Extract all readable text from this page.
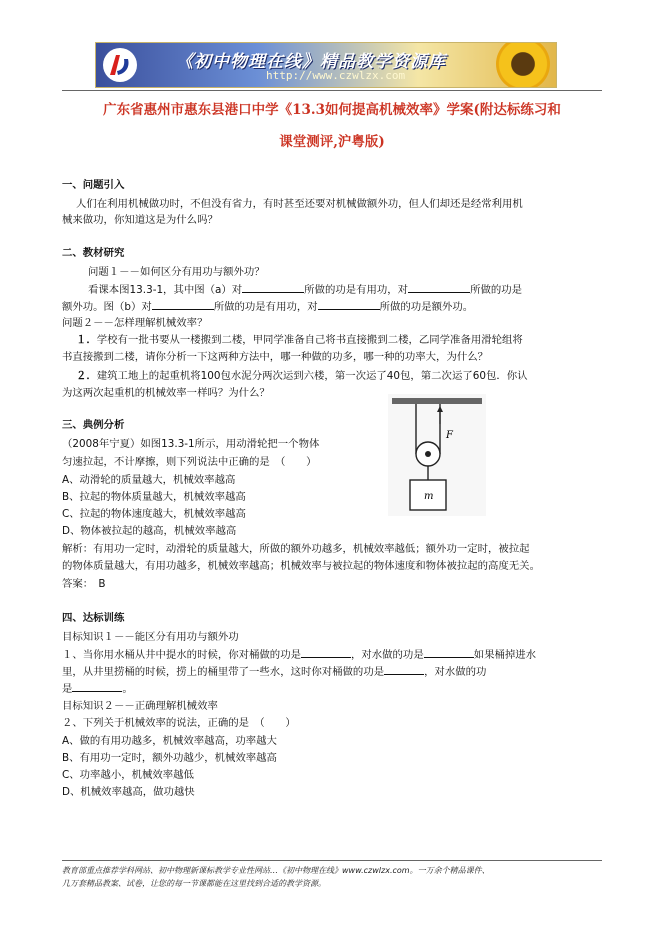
《初中物理在线》精品教学资源库
http://www.czwlzx.com
广东省惠州市惠东县港口中学《13.3如何提高机械效率》学案(附达标练习和
课堂测评,沪粤版)
一、问题引入
人们在利用机械做功时，不但没有省力，有时甚至还要对机械做额外功，但人们却还是经常利用机
械来做功，你知道这是为什么吗？
二、教材研究
问题１－－如何区分有用功与额外功？
看课本图13.3-1，其中图（a）对	所做的功是有用功，对	所做的功是
额外功。图（b）对	所做的功是有用功，对	所做的功是额外功。
问题２－－怎样理解机械效率？
１．学校有一批书要从一楼搬到二楼，甲同学准备自己将书直接搬到二楼，乙同学准备用滑轮组将
书直接搬到二楼，请你分析一下这两种方法中，哪一种做的功多，哪一种的功率大，为什么？
２．建筑工地上的起重机将100包水泥分两次运到六楼，第一次运了40包，第二次运了60包．你认
为这两次起重机的机械效率一样吗？为什么？
三、典例分析
（2008年宁夏）如图13.3-1所示，用动滑轮把一个物体
匀速拉起，不计摩擦，则下列说法中正确的是　（　　）
A、动滑轮的质量越大，机械效率越高
B、拉起的物体质量越大，机械效率越高
C、拉起的物体速度越大，机械效率越高
D、物体被拉起的越高，机械效率越高
解析：有用功一定时，动滑轮的质量越大，所做的额外功越多，机械效率越低；额外功一定时，被拉起
的物体质量越大，有用功越多，机械效率越高；机械效率与被拉起的物体速度和物体被拉起的高度无关。
答案：　B
F
m
四、达标训练
目标知识１－－能区分有用功与额外功
１、当你用水桶从井中提水的时候，你对桶做的功是	，对水做的功是	如果桶掉进水
里，从井里捞桶的时候，捞上的桶里带了一些水，这时你对桶做的功是	，对水做的功
是	。
目标知识２－－正确理解机械效率
２、下列关于机械效率的说法，正确的是　（　　）
A、做的有用功越多，机械效率越高，功率越大
B、有用功一定时，额外功越少，机械效率越高
C、功率越小，机械效率越低
D、机械效率越高，做功越快
教育部重点推荐学科网站、初中物理新课标教学专业性网站…《初中物理在线》www.czwlzx.com。一万余个精品课件、
几万套精品教案、试卷，让您的每一节课都能在这里找到合适的教学资源。
